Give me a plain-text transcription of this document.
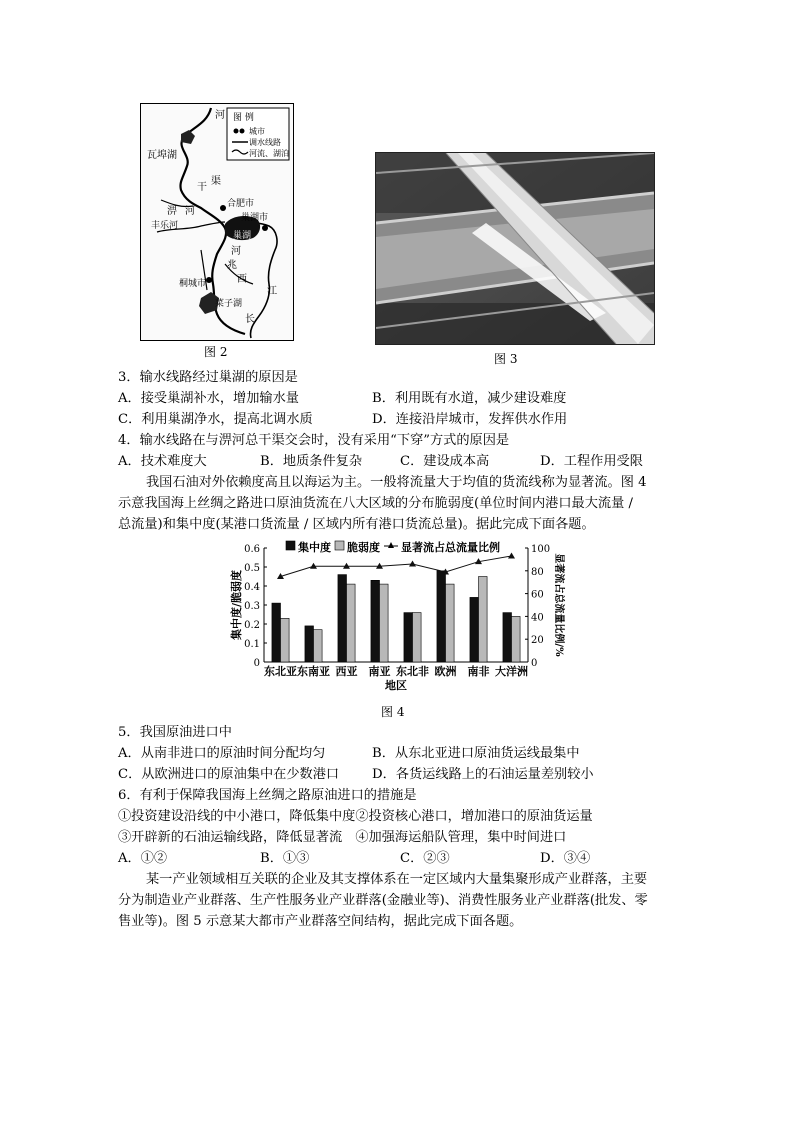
河
瓦埠湖
渠
干
淠 河
合肥市
巢湖市
丰乐河
巢湖
河
兆
西
桐城市
江
菜子湖
长
图 例
城市
调水线路
河流、湖泊
图 2	图 3
3．输水线路经过巢湖的原因是
A．接受巢湖补水，增加输水量	B．利用既有水道，减少建设难度
C．利用巢湖净水，提高北调水质	D．连接沿岸城市，发挥供水作用
4．输水线路在与淠河总干渠交会时，没有采用“下穿”方式的原因是
A．技术难度大	B．地质条件复杂	C．建设成本高	D．工程作用受限
我国石油对外依赖度高且以海运为主。一般将流量大于均值的货流线称为显著流。图 4
示意我国海上丝绸之路进口原油货流在八大区域的分布脆弱度(单位时间内港口最大流量 /
总流量)和集中度(某港口货流量 / 区域内所有港口货流总量)。据此完成下面各题。
0
0.1
0.2
0.3
0.4
0.5
0.6
0
20
40
60
80
100
东北亚 东南亚 西亚 南亚 东北非 欧洲 南非 大洋洲
地区
集中度/脆弱度	显著流占总流量比例/%
集中度 脆弱度 显著流占总流量比例
图 4
5．我国原油进口中
A．从南非进口的原油时间分配均匀	B．从东北亚进口原油货运线最集中
C．从欧洲进口的原油集中在少数港口 D．各货运线路上的石油运量差别较小
6．有利于保障我国海上丝绸之路原油进口的措施是
①投资建设沿线的中小港口，降低集中度②投资核心港口，增加港口的原油货运量
③开辟新的石油运输线路，降低显著流　④加强海运船队管理，集中时间进口
A．①②	B．①③	C．②③	D．③④
某一产业领域相互关联的企业及其支撑体系在一定区域内大量集聚形成产业群落，主要
分为制造业产业群落、生产性服务业产业群落(金融业等)、消费性服务业产业群落(批发、零
售业等)。图 5 示意某大都市产业群落空间结构，据此完成下面各题。
